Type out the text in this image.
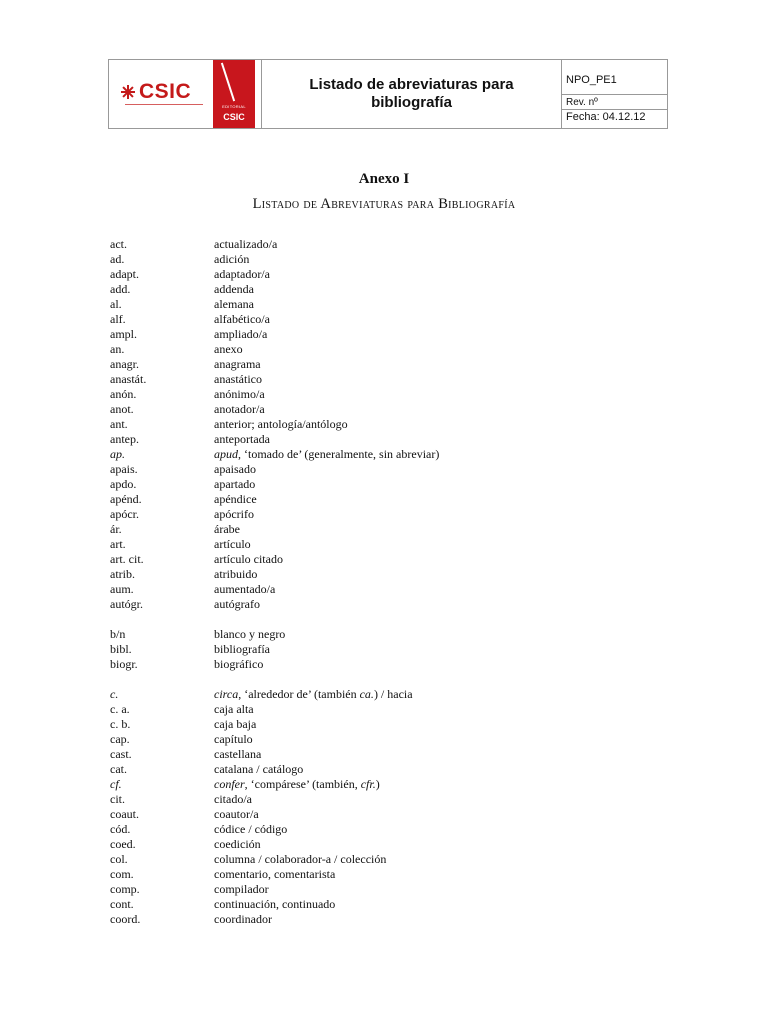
CSIC
EDITORIAL
CSIC
Listado de abreviaturas para bibliografía
NPO_PE1
Rev. nº
Fecha: 04.12.12
Anexo I
Listado de Abreviaturas para Bibliografía
act.	actualizado/a
ad.	adición
adapt.	adaptador/a
add.	addenda
al.	alemana
alf.	alfabético/a
ampl.	ampliado/a
an.	anexo
anagr.	anagrama
anastát.	anastático
anón.	anónimo/a
anot.	anotador/a
ant.	anterior; antología/antólogo
antep.	anteportada
ap.	apud, ‘tomado de’ (generalmente, sin abreviar)
apais.	apaisado
apdo.	apartado
apénd.	apéndice
apócr.	apócrifo
ár.	árabe
art.	artículo
art. cit.	artículo citado
atrib.	atribuido
aum.	aumentado/a
autógr.	autógrafo
b/n	blanco y negro
bibl.	bibliografía
biogr.	biográfico
c.	circa, ‘alrededor de’ (también ca.) / hacia
c. a.	caja alta
c. b.	caja baja
cap.	capítulo
cast.	castellana
cat.	catalana / catálogo
cf.	confer, ‘compárese’ (también, cfr.)
cit.	citado/a
coaut.	coautor/a
cód.	códice / código
coed.	coedición
col.	columna / colaborador-a / colección
com.	comentario, comentarista
comp.	compilador
cont.	continuación, continuado
coord.	coordinador
